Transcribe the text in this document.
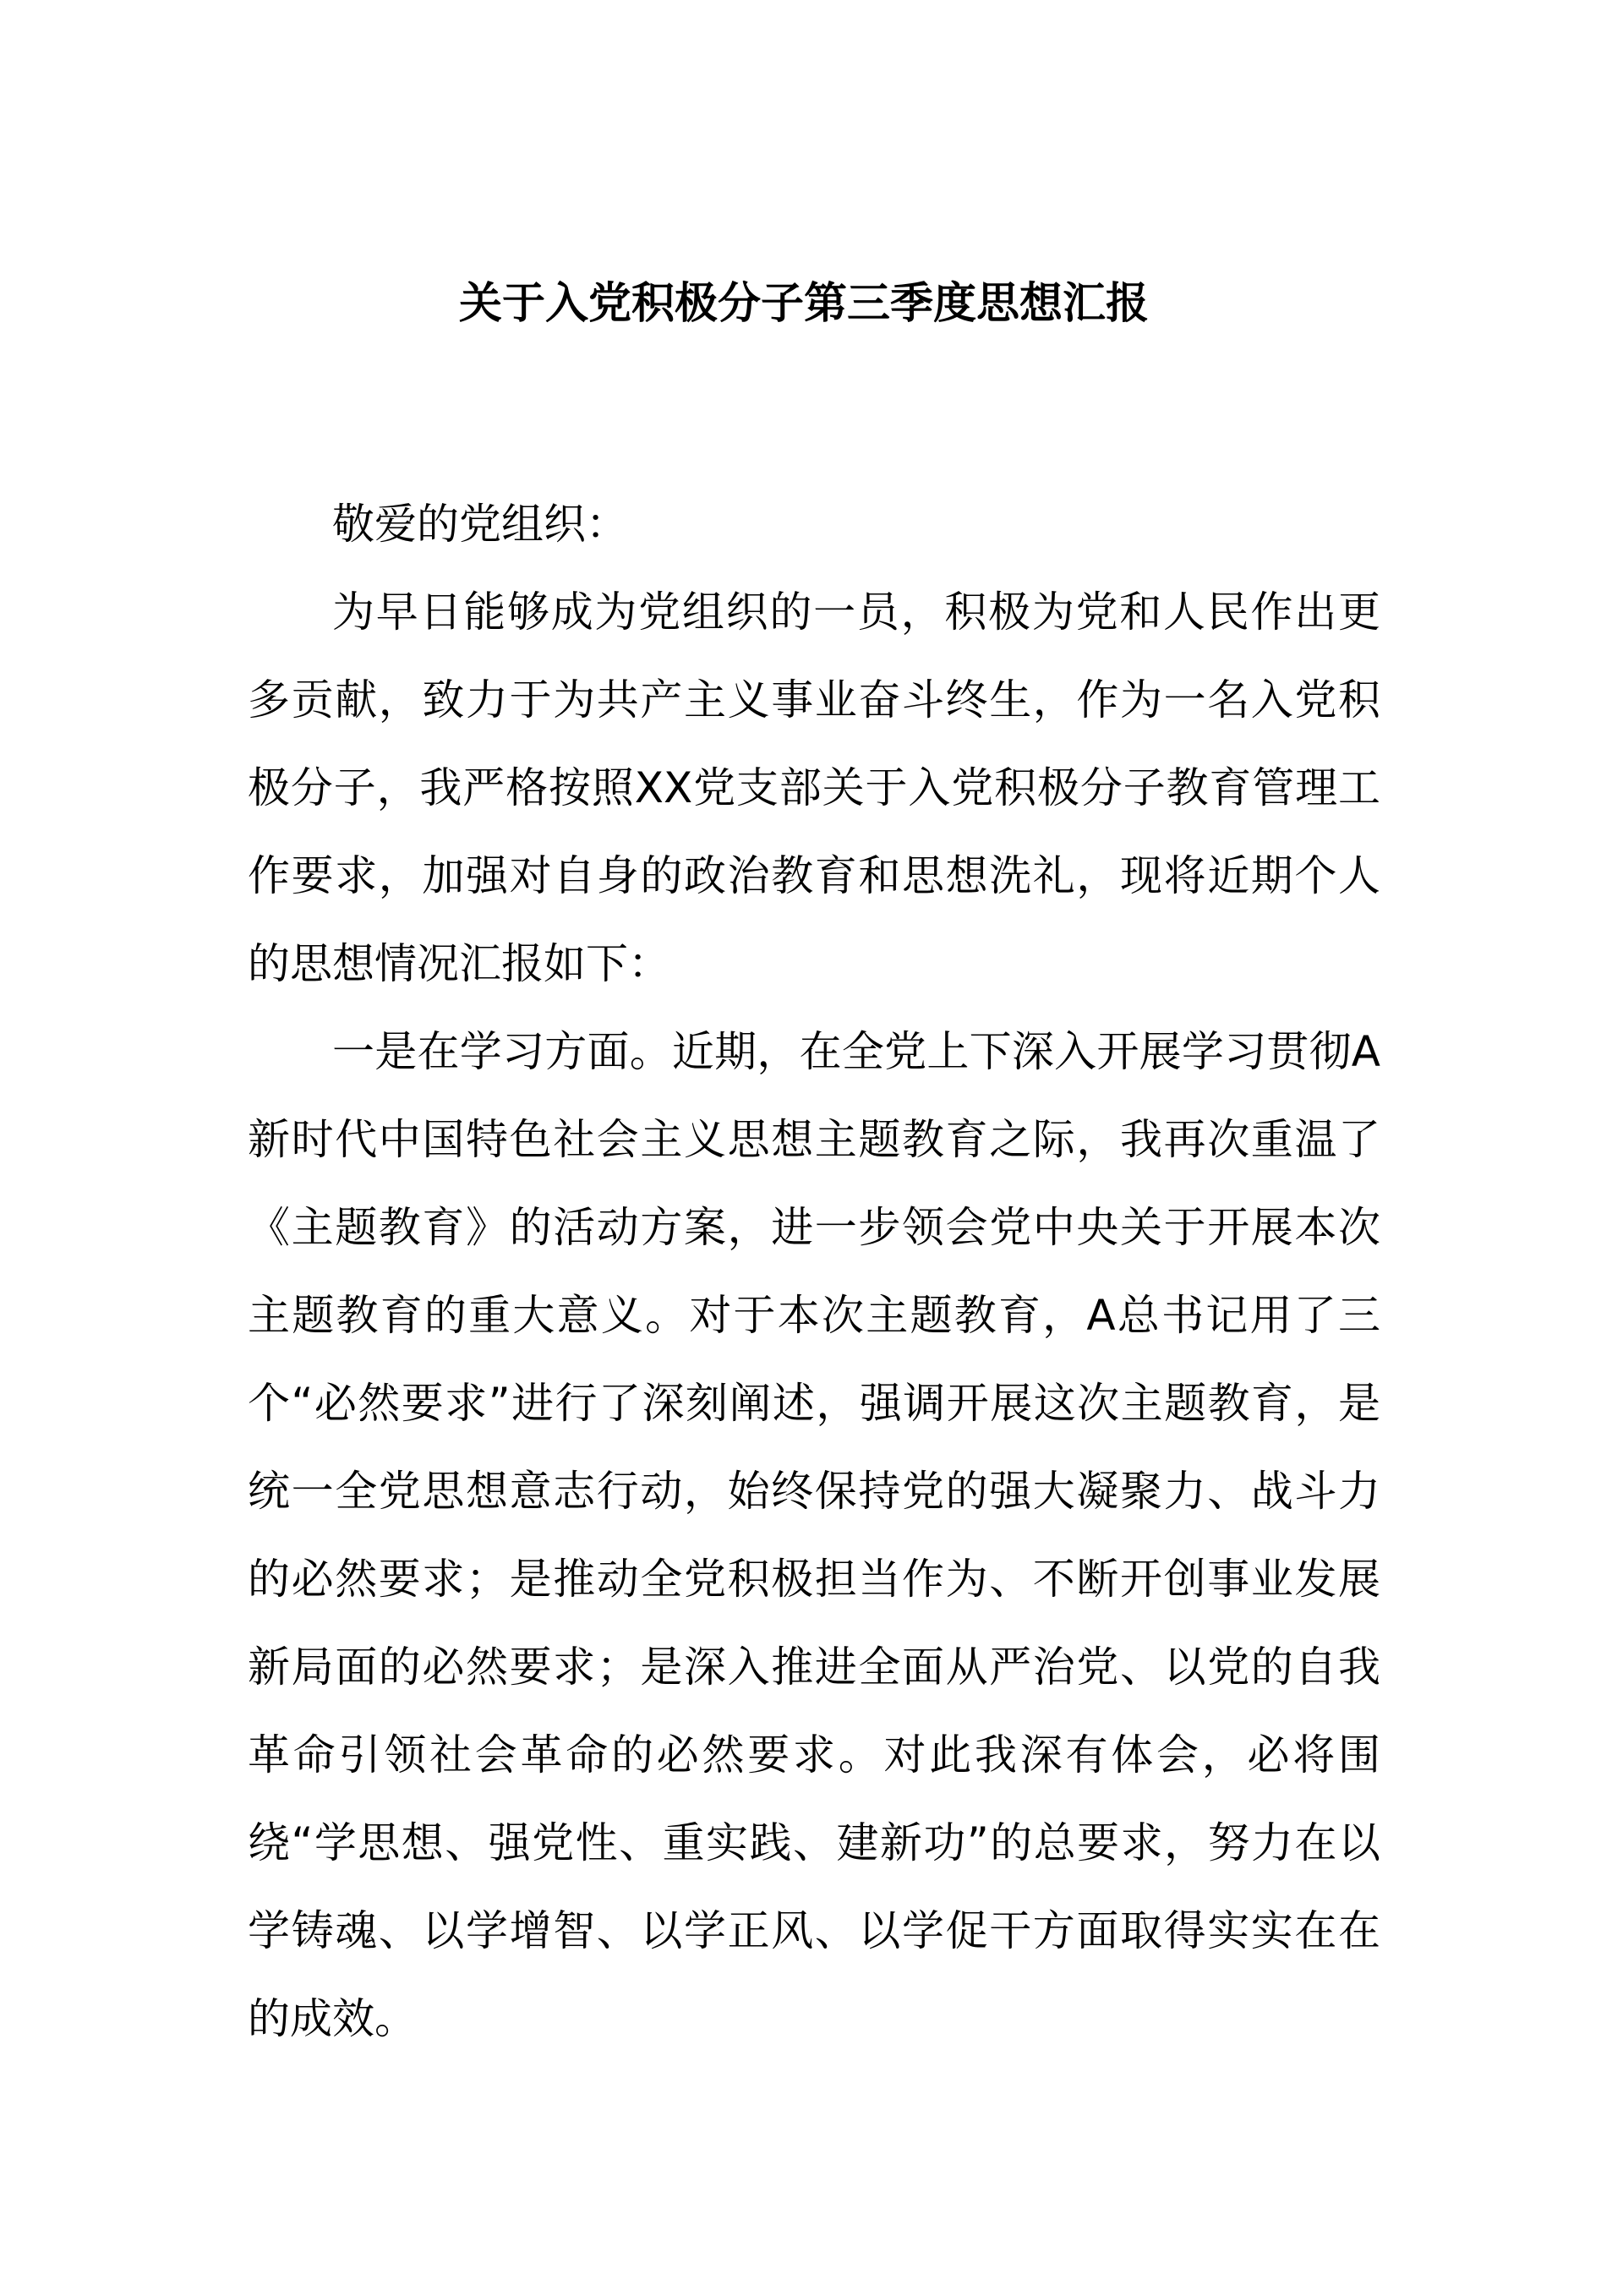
关于入党积极分子第三季度思想汇报

敬爱的党组织：

为早日能够成为党组织的一员，积极为党和人民作出更多贡献，致力于为共产主义事业奋斗终生，作为一名入党积极分子，我严格按照XX党支部关于入党积极分子教育管理工作要求，加强对自身的政治教育和思想洗礼，现将近期个人的思想情况汇报如下：

一是在学习方面。近期，在全党上下深入开展学习贯彻A新时代中国特色社会主义思想主题教育之际，我再次重温了《主题教育》的活动方案，进一步领会党中央关于开展本次主题教育的重大意义。对于本次主题教育，A总书记用了三个“必然要求”进行了深刻阐述，强调开展这次主题教育，是统一全党思想意志行动，始终保持党的强大凝聚力、战斗力的必然要求；是推动全党积极担当作为、不断开创事业发展新局面的必然要求；是深入推进全面从严治党、以党的自我革命引领社会革命的必然要求。对此我深有体会，必将围绕“学思想、强党性、重实践、建新功”的总要求，努力在以学铸魂、以学增智、以学正风、以学促干方面取得实实在在的成效。
